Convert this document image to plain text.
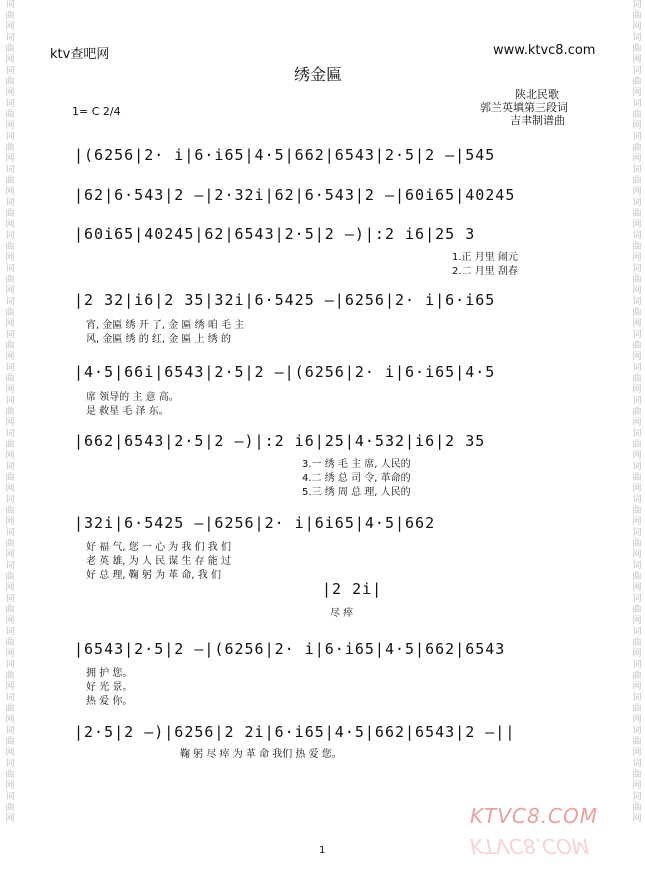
词
曲
网
词
曲
网
词
曲
网
词
曲
网
词
曲
网
词
曲
网
词
曲
网
词
曲
网
词
曲
网
词
曲
网
词
曲
网
词
曲
网
词
曲
网
词
曲
网
词
曲
网
词
曲
网
词
曲
网
词
曲
网
词
曲
网
词
曲
网
词
曲
网
词
曲
网
词
曲
网
词
曲
网
词
曲
网
词
曲
网
词
曲
网
词
曲
网
词
曲
网
词
曲
网
词
曲
网
词
曲
网
词
曲
网
词
曲
网
词
曲
网
词
曲
网
词
曲
网
词
曲
网
词
曲
网
词
曲
网
词
曲
网
词
曲
网
词
曲
网
词
曲
网
词
曲
网
词
曲
网
词
曲
网
词
曲
网
词
曲
网
词
曲
网
ktv查吧网	www.ktvc8.com
绣金匾
陕北民歌
郭兰英填第三段词
吉聿制谱曲
1= C 2/4
|(6256|2· i|6·i65|4·5|662|6543|2·5|2 —|545
|62|6·543|2 —|2·32i|62|6·543|2 —|60i65|40245
|60i65|40245|62|6543|2·5|2 —)|:2 i6|25 3
1.正 月里 闹元
2.二 月里 刮春
|2 32|i6|2 35|32i|6·5425 —|6256|2· i|6·i65
宵, 金匾 绣 开 了, 金 匾 绣 咱 毛 主
风, 金匾 绣 的 红, 金 匾 上 绣 的
|4·5|66i|6543|2·5|2 —|(6256|2· i|6·i65|4·5
席 领导的 主 意 高。
是 救星 毛 泽 东。
|662|6543|2·5|2 —)|:2 i6|25|4·532|i6|2 35
3.一 绣 毛 主 席, 人民的
4.二 绣 总 司 令, 革命的
5.三 绣 周 总 理, 人民的
|32i|6·5425 —|6256|2· i|6i65|4·5|662
好 福 气, 您 一 心 为 我 们 我 们
老 英 雄, 为 人 民 谋 生 存 能 过
好 总 理, 鞠 躬 为 革 命, 我 们
|2 2i|
尽 瘁
|6543|2·5|2 —|(6256|2· i|6·i65|4·5|662|6543
拥 护 您。
好 光 景。
热 爱 你。
|2·5|2 —)|6256|2 2i|6·i65|4·5|662|6543|2 —||
鞠 躬 尽 瘁 为 革 命 我们 热 爱 您。
1
KTVC8.COM
KTVC8.COM
